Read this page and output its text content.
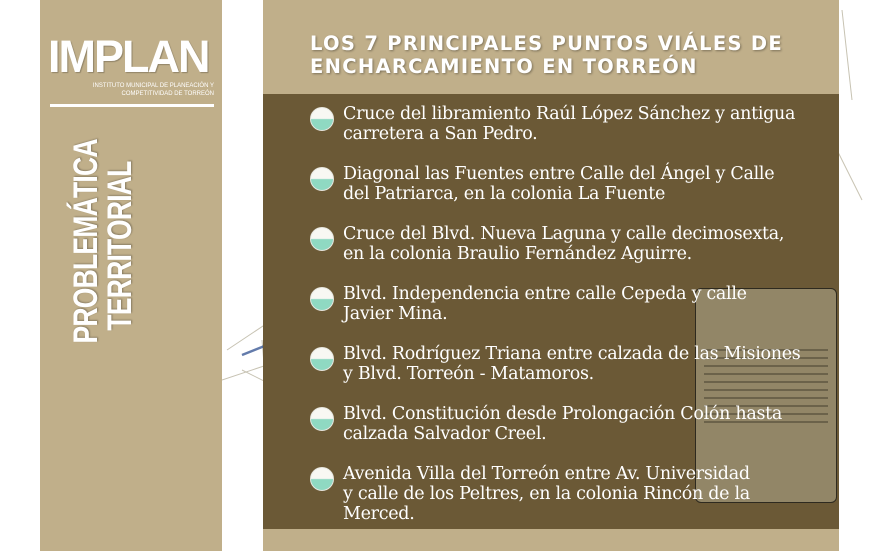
IMPLAN
INSTITUTO MUNICIPAL DE PLANEACIÓN Y
COMPETITIVIDAD DE TORREÓN
PROBLEMÁTICA
TERRITORIAL
LOS 7 PRINCIPALES PUNTOS VIÁLES DE
ENCHARCAMIENTO EN TORREÓN
Cruce del libramiento Raúl López Sánchez y antigua
carretera a San Pedro.
Diagonal las Fuentes entre Calle del Ángel y Calle
del Patriarca, en la colonia La Fuente
Cruce del Blvd. Nueva Laguna y calle decimosexta,
en la colonia Braulio Fernández Aguirre.
Blvd. Independencia entre calle Cepeda y calle
Javier Mina.
Blvd. Rodríguez Triana entre calzada de las Misiones
y Blvd. Torreón - Matamoros.
Blvd. Constitución desde Prolongación Colón hasta
calzada Salvador Creel.
Avenida Villa del Torreón entre Av. Universidad
y calle de los Peltres, en la colonia Rincón de la
Merced.
